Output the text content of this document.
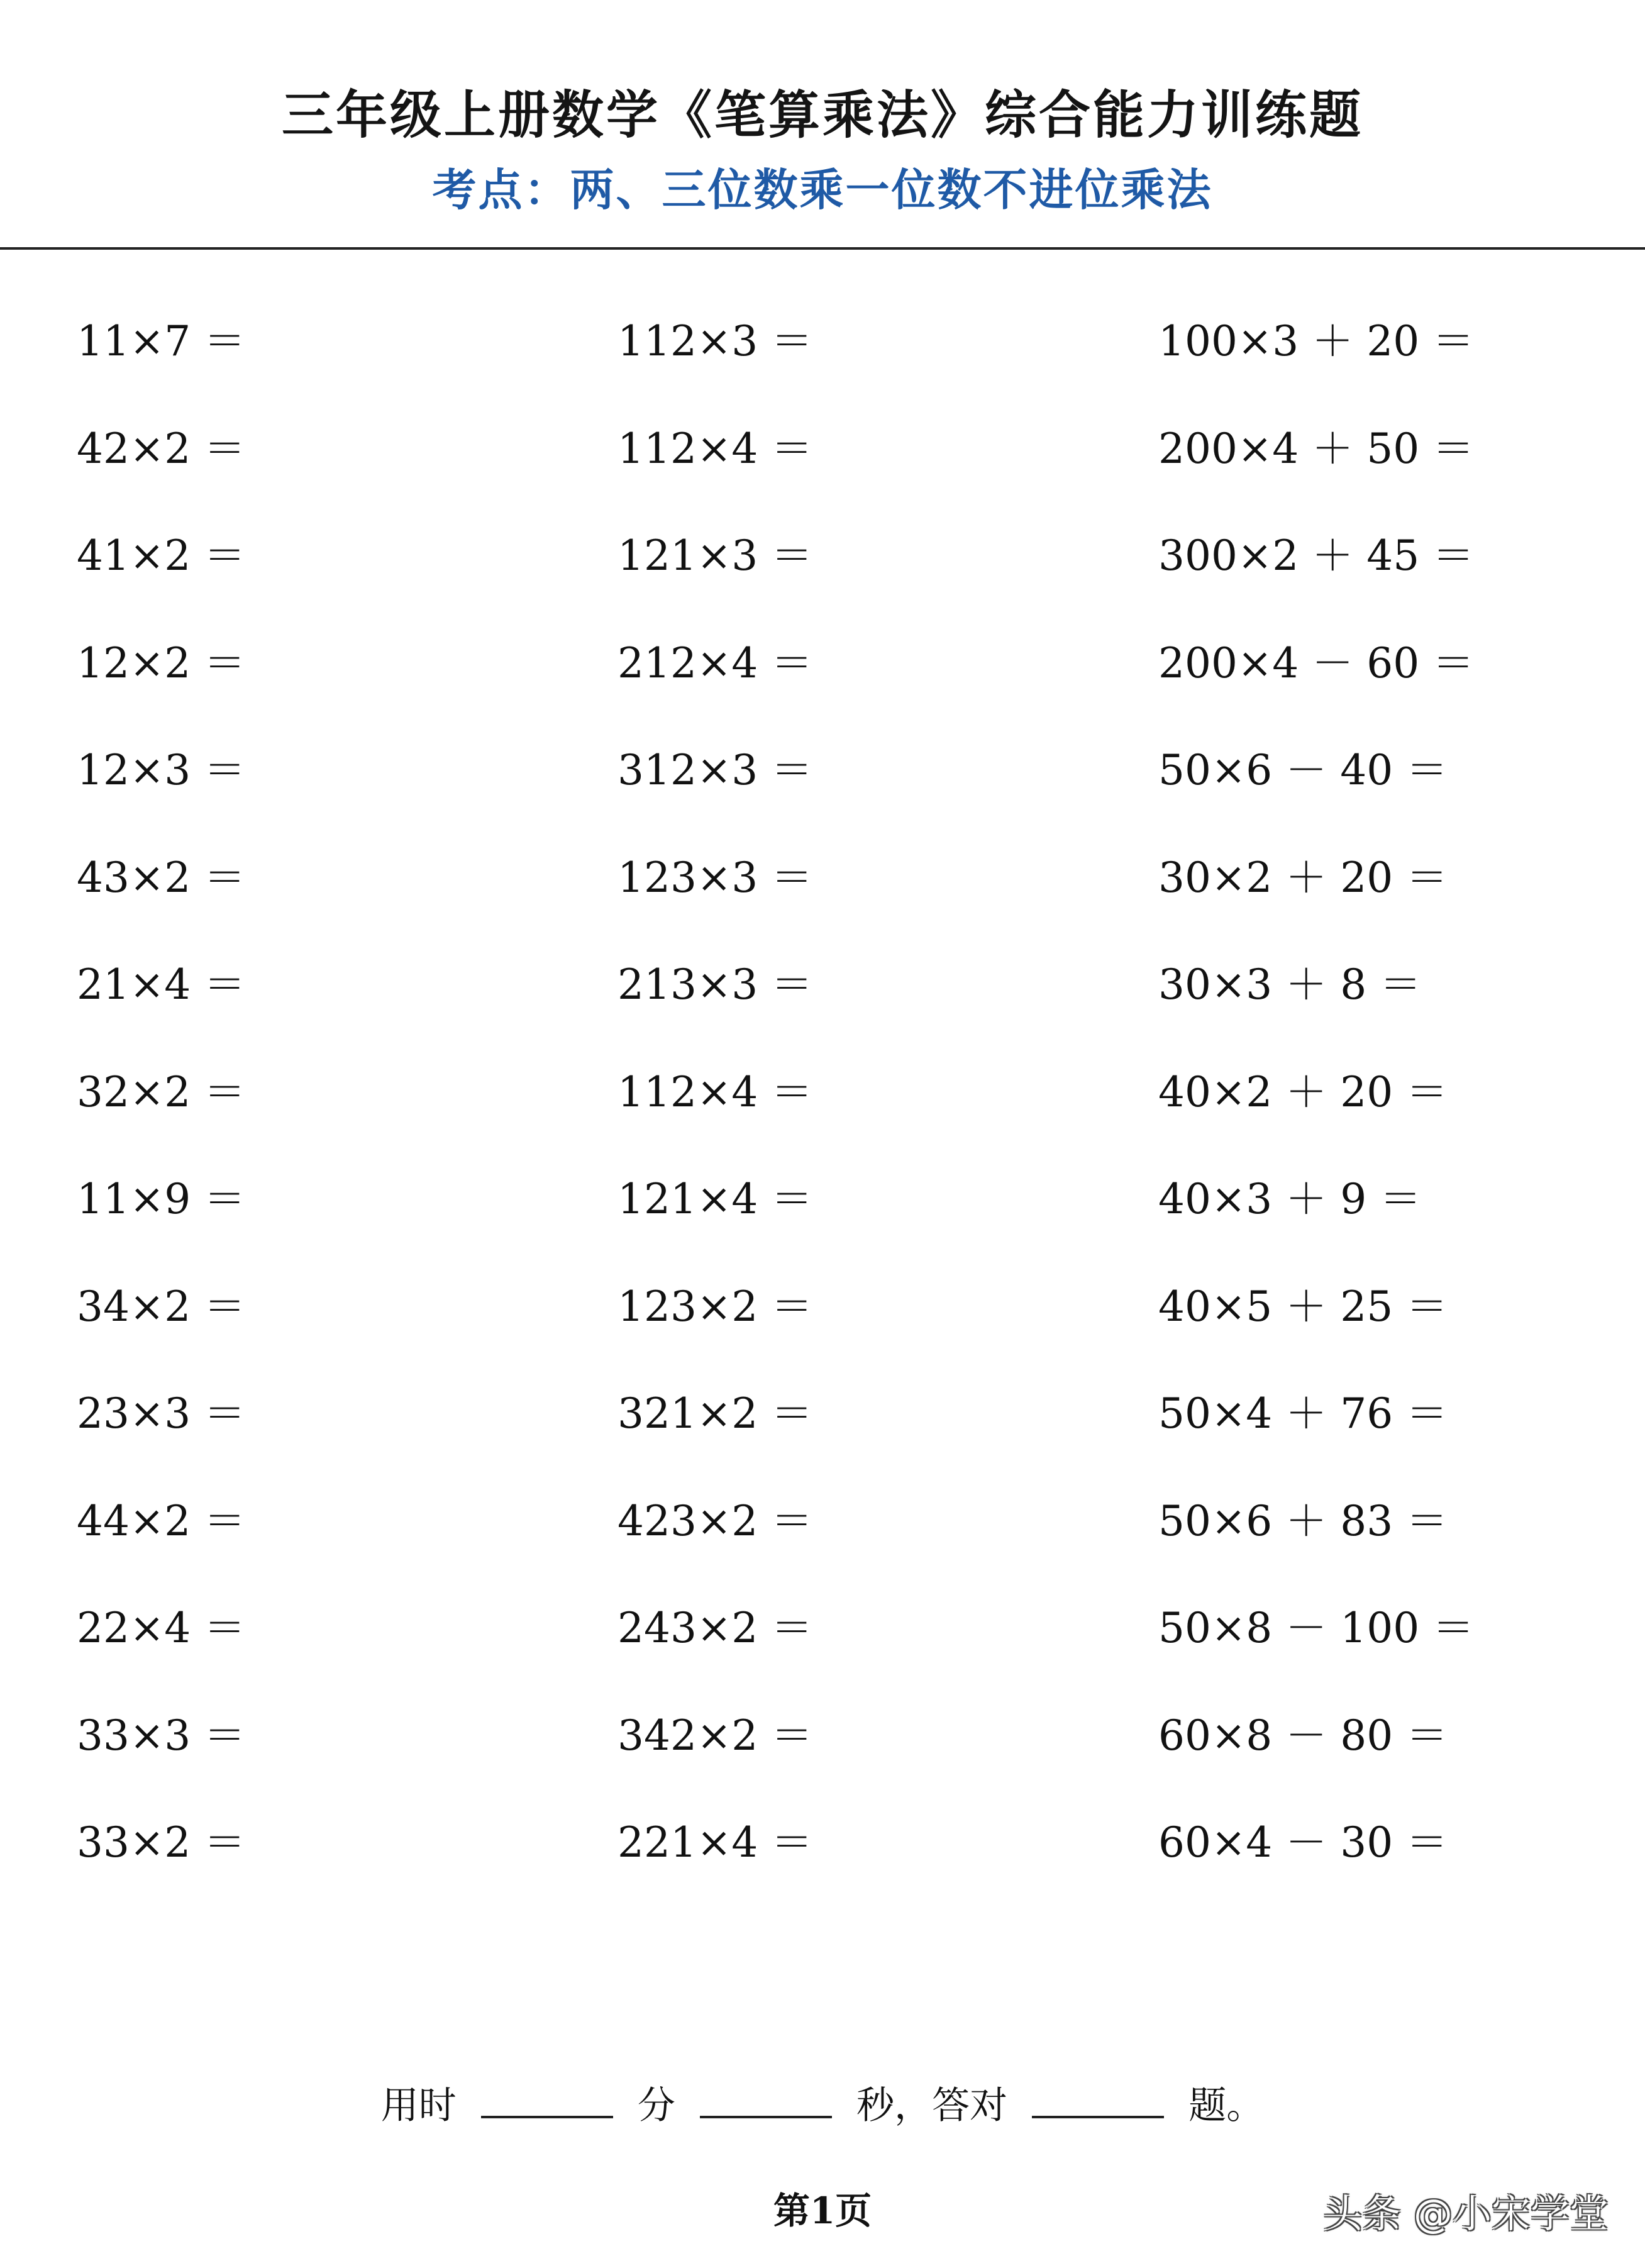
三年级上册数学《笔算乘法》综合能力训练题
考点：两、三位数乘一位数不进位乘法
11×7 ＝	112×3 ＝	100×3 ＋ 20 ＝
42×2 ＝	112×4 ＝	200×4 ＋ 50 ＝
41×2 ＝	121×3 ＝	300×2 ＋ 45 ＝
12×2 ＝	212×4 ＝	200×4 － 60 ＝
12×3 ＝	312×3 ＝	50×6 － 40 ＝
43×2 ＝	123×3 ＝	30×2 ＋ 20 ＝
21×4 ＝	213×3 ＝	30×3 ＋ 8 ＝
32×2 ＝	112×4 ＝	40×2 ＋ 20 ＝
11×9 ＝	121×4 ＝	40×3 ＋ 9 ＝
34×2 ＝	123×2 ＝	40×5 ＋ 25 ＝
23×3 ＝	321×2 ＝	50×4 ＋ 76 ＝
44×2 ＝	423×2 ＝	50×6 ＋ 83 ＝
22×4 ＝	243×2 ＝	50×8 － 100 ＝
33×3 ＝	342×2 ＝	60×8 － 80 ＝
33×2 ＝	221×4 ＝	60×4 － 30 ＝
用时	分	秒，答对	题。
第1页	头条 @小宋学堂
